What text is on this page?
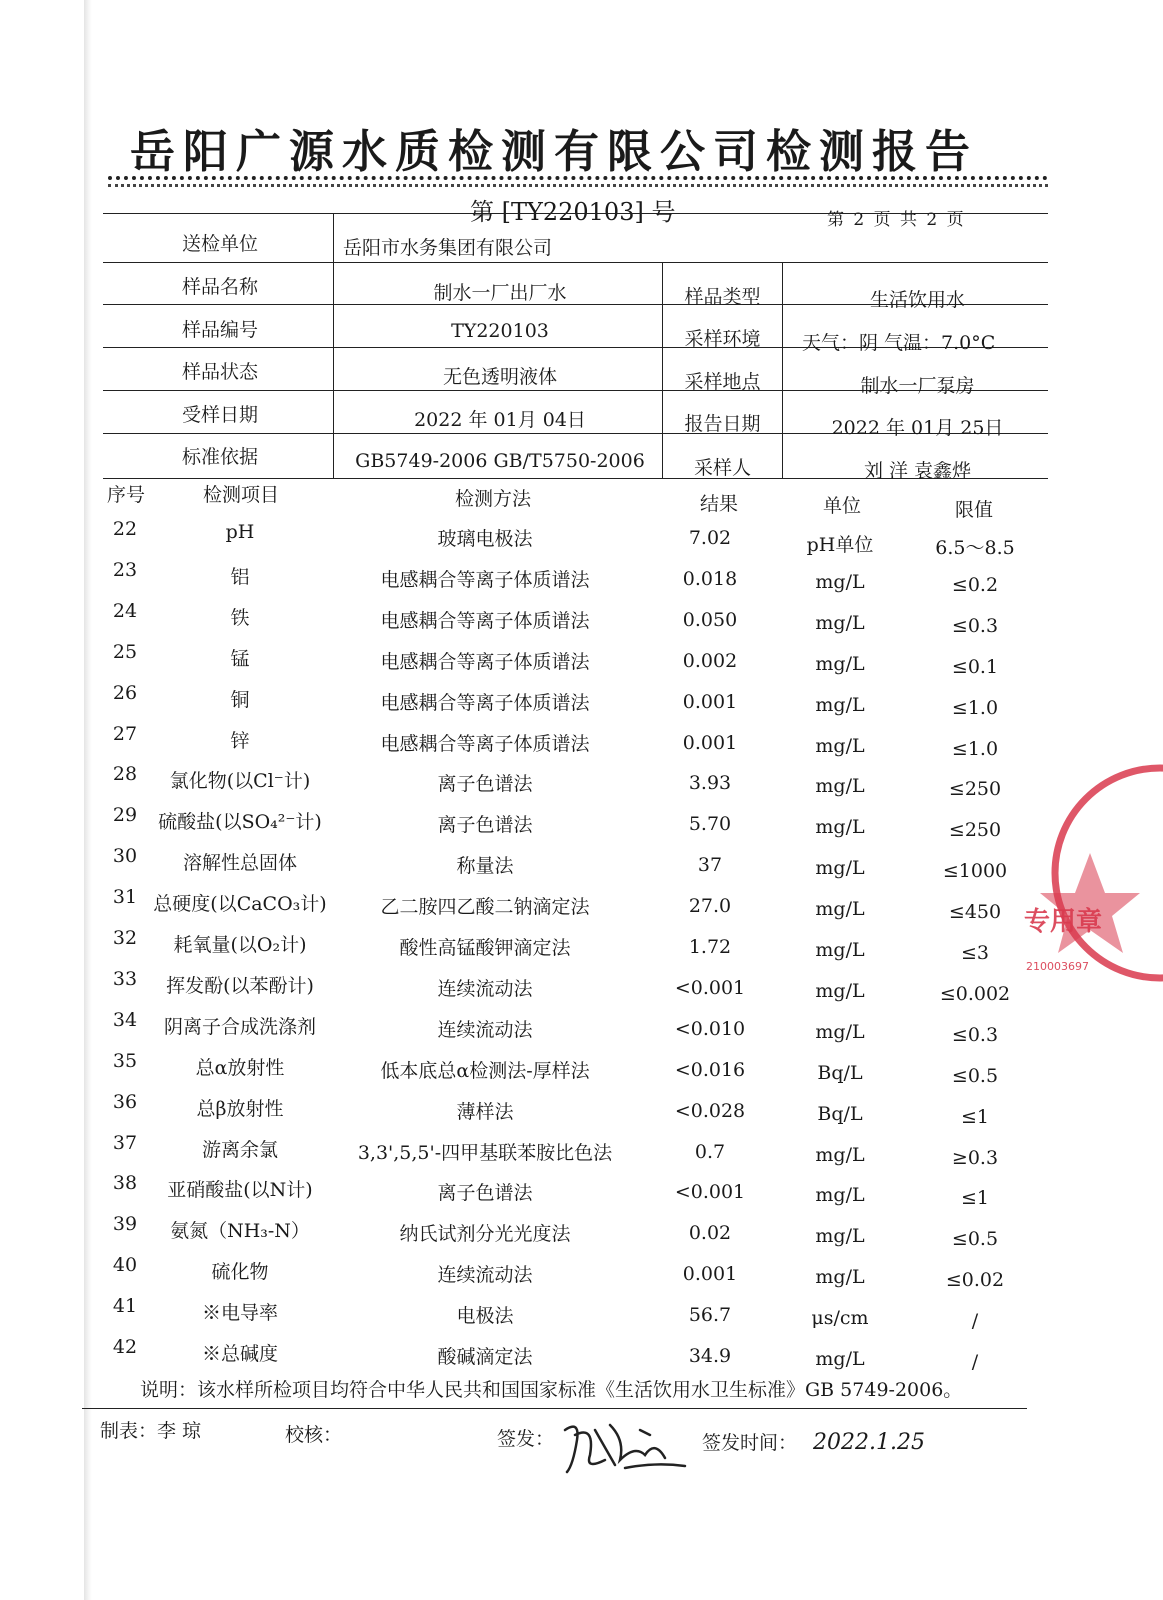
岳阳广源水质检测有限公司检测报告
第 [TY220103] 号	第 2 页 共 2 页
送检单位	岳阳市水务集团有限公司
样品名称	制水一厂出厂水	样品类型	生活饮用水
样品编号	TY220103	采样环境	天气：阴 气温：7.0°C
样品状态	无色透明液体	采样地点	制水一厂泵房
受样日期	2022 年 01月 04日	报告日期	2022 年 01月 25日
标准依据	GB5749-2006 GB/T5750-2006	采样人	刘 洋 袁鑫烨
序号	检测项目	检测方法	结果	单位	限值
22	pH	玻璃电极法	7.02	pH单位	6.5～8.5
23	铝	电感耦合等离子体质谱法	0.018	mg/L	≤0.2
24	铁	电感耦合等离子体质谱法	0.050	mg/L	≤0.3
25	锰	电感耦合等离子体质谱法	0.002	mg/L	≤0.1
26	铜	电感耦合等离子体质谱法	0.001	mg/L	≤1.0
27	锌	电感耦合等离子体质谱法	0.001	mg/L	≤1.0
28	氯化物(以Cl⁻计)	离子色谱法	3.93	mg/L	≤250
29	硫酸盐(以SO₄²⁻计)	离子色谱法	5.70	mg/L	≤250
30	溶解性总固体	称量法	37	mg/L	≤1000
31 总硬度(以CaCO₃计)	乙二胺四乙酸二钠滴定法	27.0	mg/L	≤450
32	耗氧量(以O₂计)	酸性高锰酸钾滴定法	1.72	mg/L	≤3
33	挥发酚(以苯酚计)	连续流动法	<0.001	mg/L	≤0.002
34	阴离子合成洗涤剂	连续流动法	<0.010	mg/L	≤0.3
35	总α放射性	低本底总α检测法-厚样法	<0.016	Bq/L	≤0.5
36	总β放射性	薄样法	<0.028	Bq/L	≤1
37	游离余氯	3,3',5,5'-四甲基联苯胺比色法	0.7	mg/L	≥0.3
38	亚硝酸盐(以N计)	离子色谱法	<0.001	mg/L	≤1
39	氨氮（NH₃-N）	纳氏试剂分光光度法	0.02	mg/L	≤0.5
40	硫化物	连续流动法	0.001	mg/L	≤0.02
41	※电导率	电极法	56.7	μs/cm	/
42	※总碱度	酸碱滴定法	34.9	mg/L	/
说明：该水样所检项目均符合中华人民共和国国家标准《生活饮用水卫生标准》GB 5749-2006。
制表：李 琼	校核：	签发：	签发时间： 2022.1.25
专用章
210003697
